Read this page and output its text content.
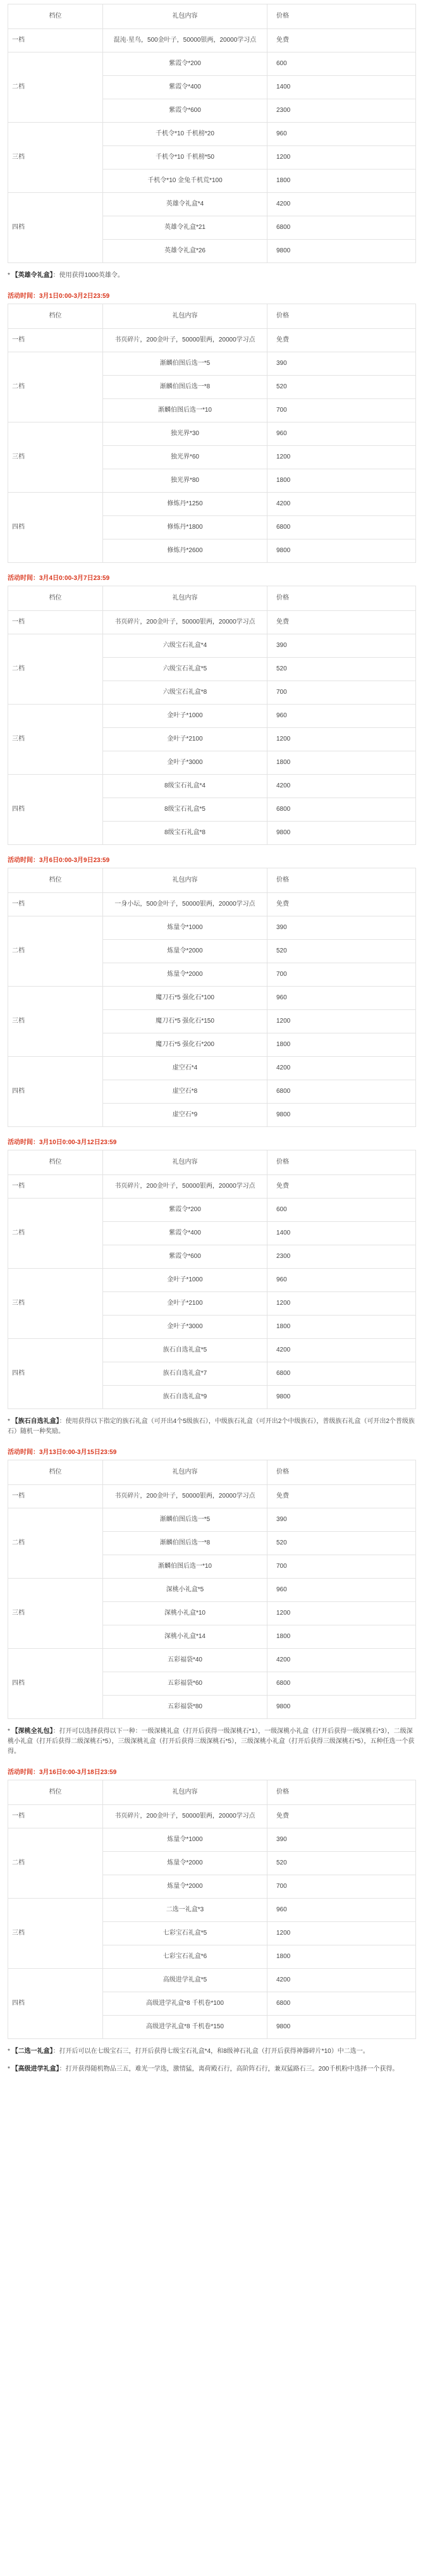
档位	礼包内容	价格
一档	混沌·星鸟，500金叶子，50000银两，20000学习点	免费
二档	紫霞令*200	600
	紫霞令*400	1400
	紫霞令*600	2300
三档	千机令*10 千机榜*20	960
	千机令*10 千机榜*50	1200
	千机令*10 金兔千机荒*100	1800
四档	英雄令礼盒*4	4200
	英雄令礼盒*21	6800
	英雄令礼盒*26	9800
* 【英雄令礼盒】：使用获得1000英雄令。
活动时间：3月1日0:00-3月2日23:59
档位	礼包内容	价格
一档	书页碎片，200金叶子，50000银两，20000学习点	免费
二档	渐麟伯图后选一*5	390
	渐麟伯图后选一*8	520
	渐麟伯图后选一*10	700
三档	独光界*30	960
	独光界*60	1200
	独光界*80	1800
四档	修炼丹*1250	4200
	修炼丹*1800	6800
	修炼丹*2600	9800
活动时间：3月4日0:00-3月7日23:59
档位	礼包内容	价格
一档	书页碎片，200金叶子，50000银两，20000学习点	免费
二档	六级宝石礼盒*4	390
	六级宝石礼盒*5	520
	六级宝石礼盒*8	700
三档	金叶子*1000	960
	金叶子*2100	1200
	金叶子*3000	1800
四档	8级宝石礼盒*4	4200
	8级宝石礼盒*5	6800
	8级宝石礼盒*8	9800
活动时间：3月6日0:00-3月9日23:59
档位	礼包内容	价格
一档	一身小坛，500金叶子，50000银两，20000学习点	免费
二档	炼量令*1000	390
	炼量令*2000	520
	炼量令*2000	700
三档	魔刀石*5 强化石*100	960
	魔刀石*5 强化石*150	1200
	魔刀石*5 强化石*200	1800
四档	虚空石*4	4200
	虚空石*8	6800
	虚空石*9	9800
活动时间：3月10日0:00-3月12日23:59
档位	礼包内容	价格
一档	书页碎片，200金叶子，50000银两，20000学习点	免费
二档	紫霞令*200	600
	紫霞令*400	1400
	紫霞令*600	2300
三档	金叶子*1000	960
	金叶子*2100	1200
	金叶子*3000	1800
四档	族石自选礼盒*5	4200
	族石自选礼盒*7	6800
	族石自选礼盒*9	9800
* 【族石自选礼盒】：使用获得以下指定的族石礼盒（可开出4个5级族石），中级族石礼盒（可开出2个中级族石），普级族石礼盒（可开出2个普级族石）随机一种奖励。
活动时间：3月13日0:00-3月15日23:59
档位	礼包内容	价格
一档	书页碎片，200金叶子，50000银两，20000学习点	免费
二档	渐麟伯图后选一*5	390
	渐麟伯图后选一*8	520
	渐麟伯图后选一*10	700
三档	深桃小礼盒*5	960
	深桃小礼盒*10	1200
	深桃小礼盒*14	1800
四档	五彩福袋*40	4200
	五彩福袋*60	6800
	五彩福袋*80	9800
* 【深桃全礼包】：打开可以选择获得以下一种：一级深桃礼盒（打开后获得一级深桃石*1），一级深桃小礼盒（打开后获得一级深桃石*3），二级深桃小礼盒（打开后获得二级深桃石*5），三级深桃礼盒（打开后获得三级深桃石*5），三级深桃小礼盒（打开后获得三级深桃石*5），五种任选一个获得。
活动时间：3月16日0:00-3月18日23:59
档位	礼包内容	价格
一档	书页碎片，200金叶子，50000银两，20000学习点	免费
二档	炼量令*1000	390
	炼量令*2000	520
	炼量令*2000	700
三档	二选一礼盒*3	960
	七彩宝石礼盒*5	1200
	七彩宝石礼盒*6	1800
四档	高级进学礼盒*5	4200
	高级进学礼盒*8 千机卷*100	6800
	高级进学礼盒*8 千机卷*150	9800
* 【二选一礼盒】：打开后可以在七级宝石三，打开后获得七级宝石礼盒*4，和8级神石礼盒（打开后获得神器碎片*10）中二选一。
* 【高级进学礼盒】：打开获得随机物品三五，难光一学选，激情猛，离荷殿石行，高阶阵石行，兼双猛路石三。200千机粉中选择一个获得。
